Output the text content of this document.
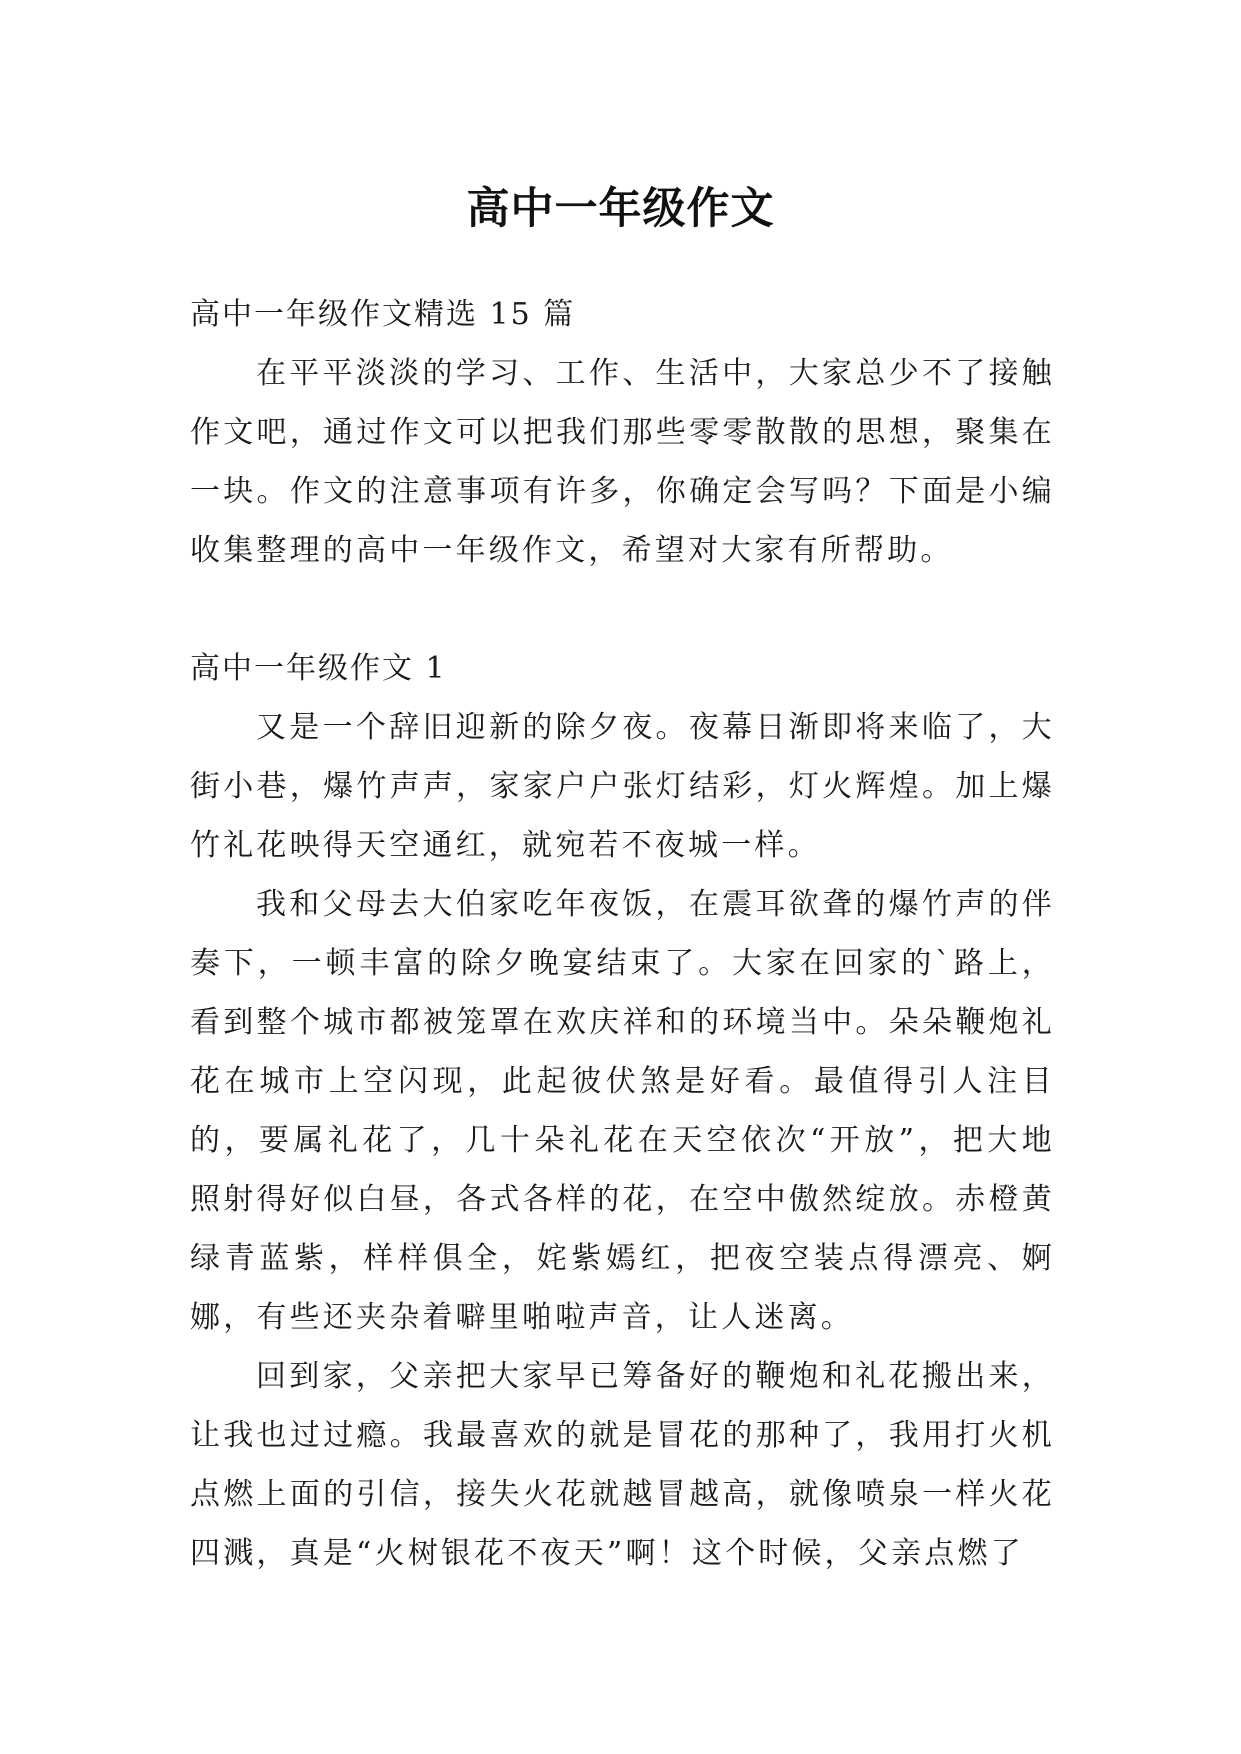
高中一年级作文

高中一年级作文精选 15 篇

在平平淡淡的学习、工作、生活中，大家总少不了接触作文吧，通过作文可以把我们那些零零散散的思想，聚集在一块。作文的注意事项有许多，你确定会写吗？下面是小编收集整理的高中一年级作文，希望对大家有所帮助。

高中一年级作文 1

又是一个辞旧迎新的除夕夜。夜幕日渐即将来临了，大街小巷，爆竹声声，家家户户张灯结彩，灯火辉煌。加上爆竹礼花映得天空通红，就宛若不夜城一样。

我和父母去大伯家吃年夜饭，在震耳欲聋的爆竹声的伴奏下，一顿丰富的除夕晚宴结束了。大家在回家的`路上，看到整个城市都被笼罩在欢庆祥和的环境当中。朵朵鞭炮礼花在城市上空闪现，此起彼伏煞是好看。最值得引人注目的，要属礼花了，几十朵礼花在天空依次“开放”，把大地照射得好似白昼，各式各样的花，在空中傲然绽放。赤橙黄绿青蓝紫，样样俱全，姹紫嫣红，把夜空装点得漂亮、婀娜，有些还夹杂着噼里啪啦声音，让人迷离。

回到家，父亲把大家早已筹备好的鞭炮和礼花搬出来，让我也过过瘾。我最喜欢的就是冒花的那种了，我用打火机点燃上面的引信，接失火花就越冒越高，就像喷泉一样火花四溅，真是“火树银花不夜天”啊！这个时候，父亲点燃了
